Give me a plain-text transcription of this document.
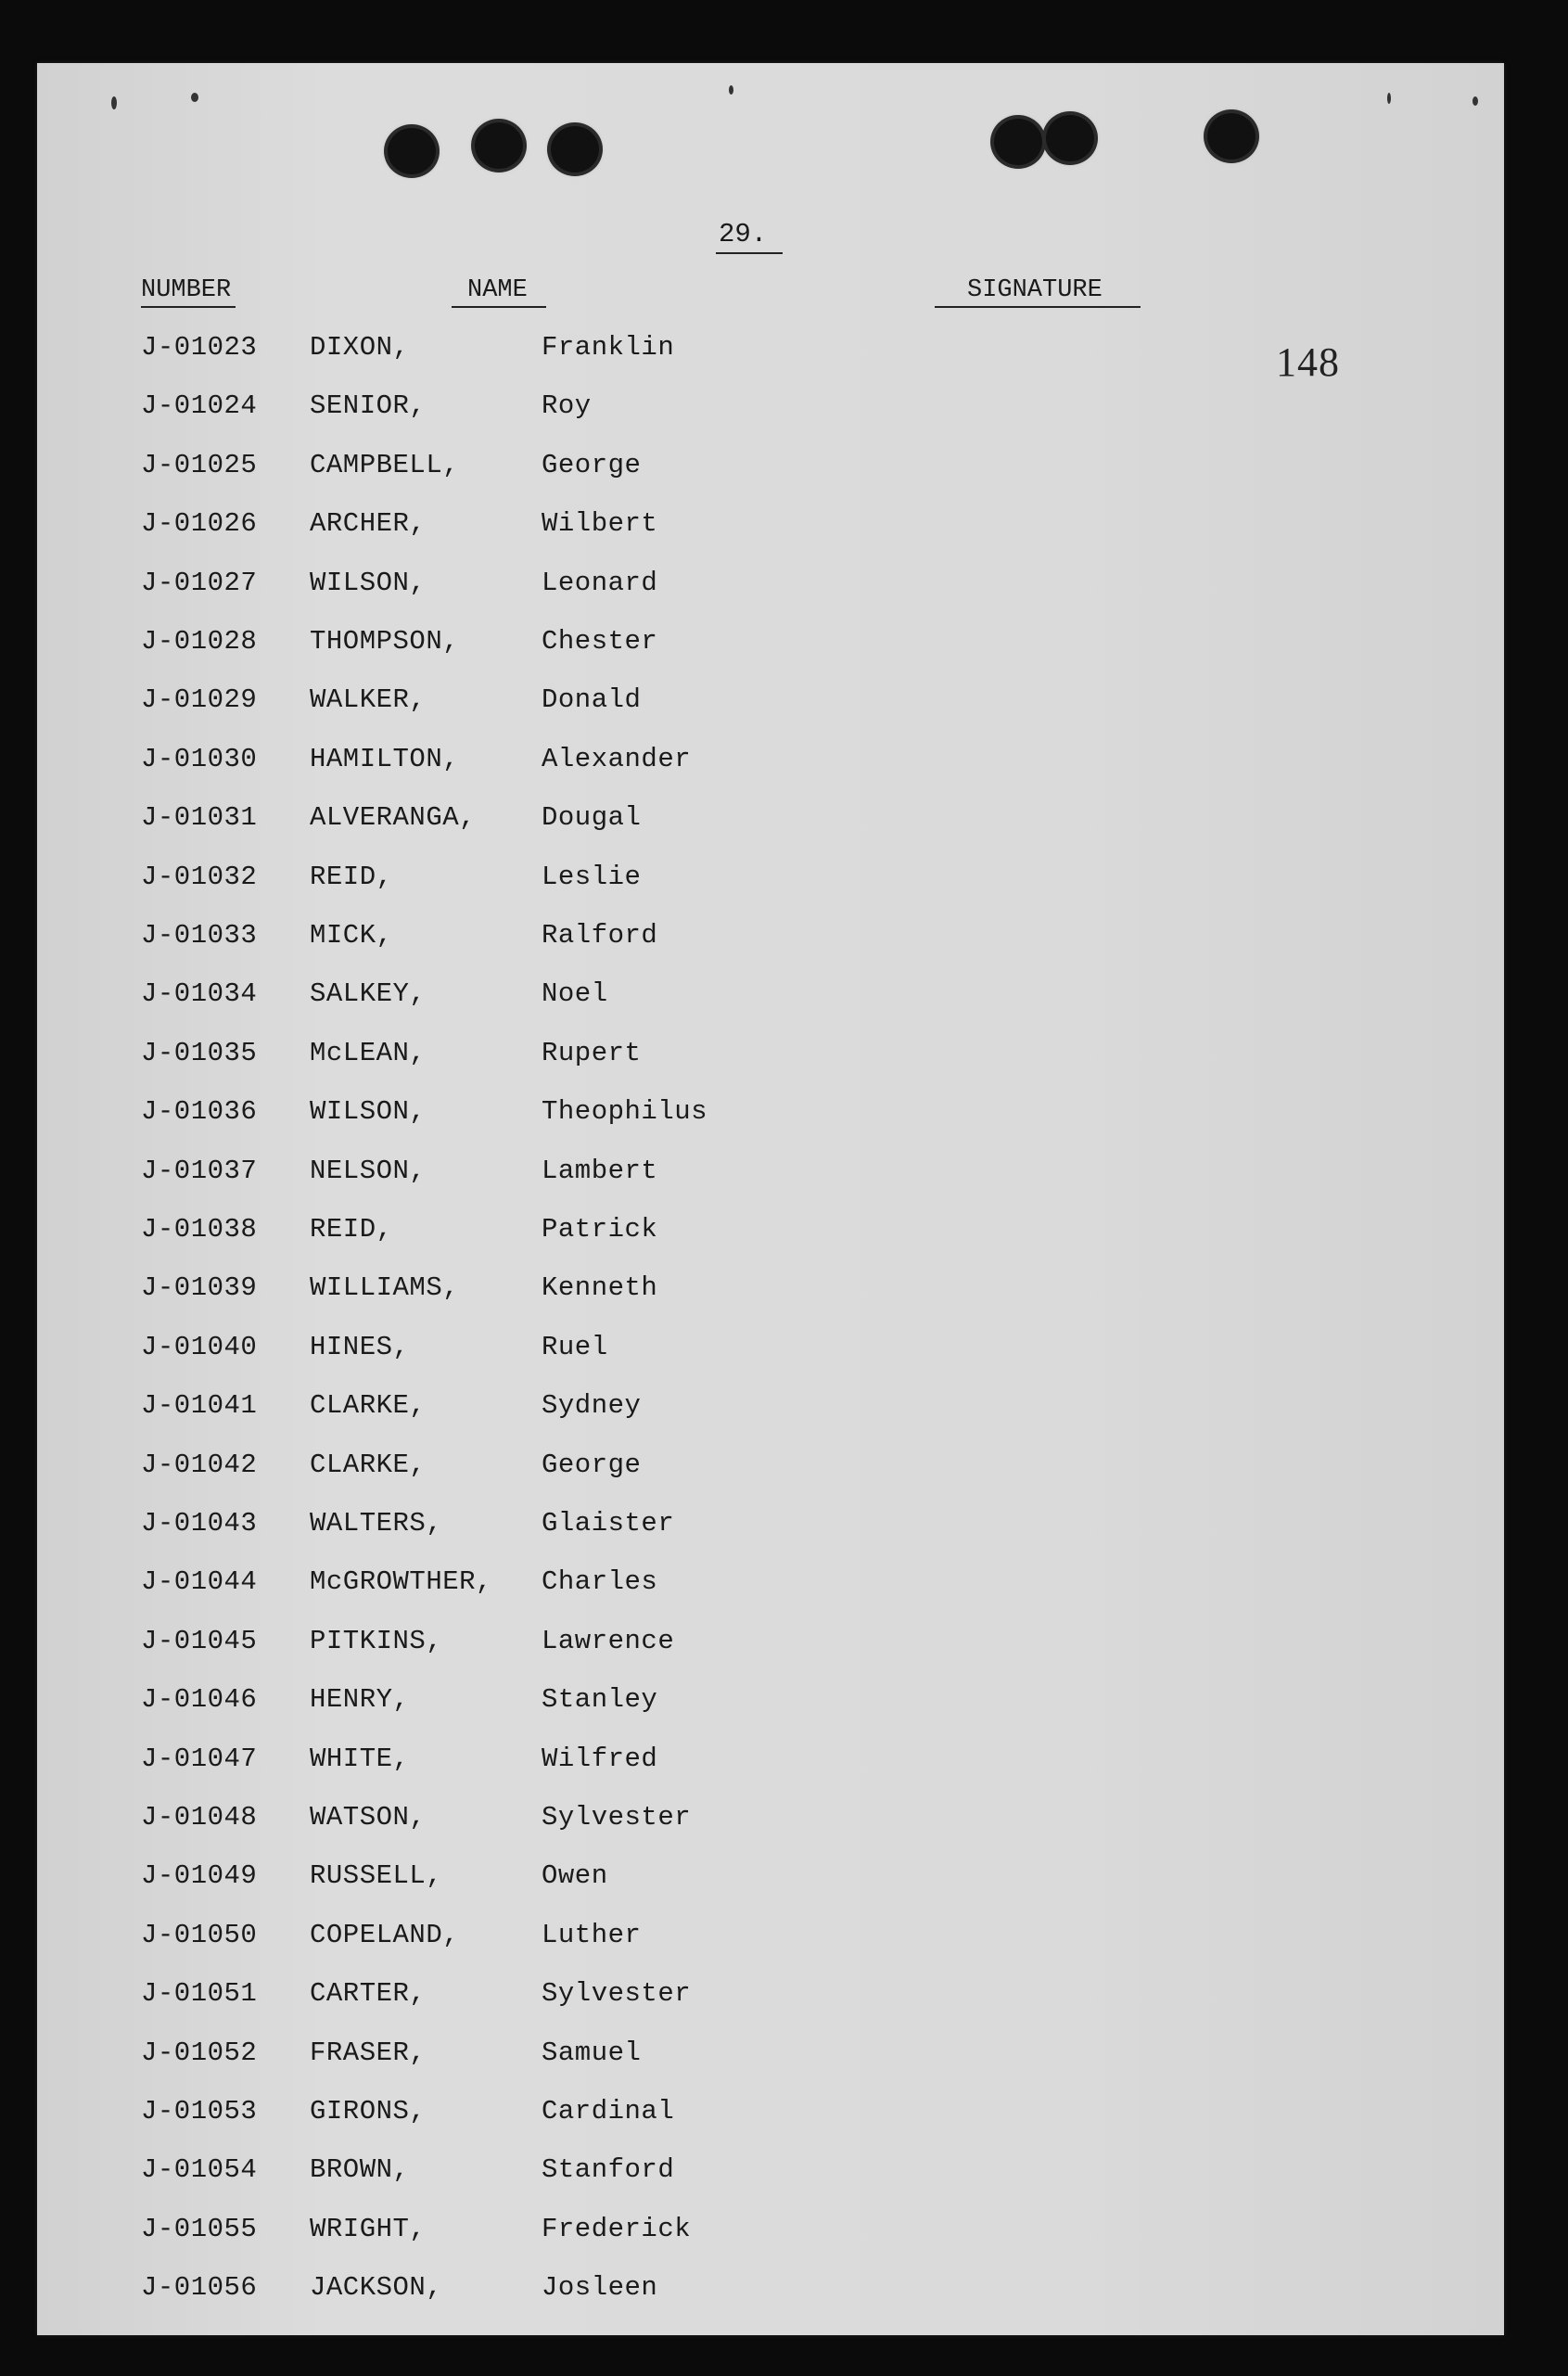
29.
NUMBER	NAME	SIGNATURE
148
J-01023 DIXON,	Franklin
J-01024 SENIOR,	Roy
J-01025 CAMPBELL,	George
J-01026 ARCHER,	Wilbert
J-01027 WILSON,	Leonard
J-01028 THOMPSON,	Chester
J-01029 WALKER,	Donald
J-01030 HAMILTON,	Alexander
J-01031 ALVERANGA, Dougal
J-01032 REID,	Leslie
J-01033 MICK,	Ralford
J-01034 SALKEY,	Noel
J-01035 McLEAN,	Rupert
J-01036 WILSON,	Theophilus
J-01037 NELSON,	Lambert
J-01038 REID,	Patrick
J-01039 WILLIAMS,	Kenneth
J-01040 HINES,	Ruel
J-01041 CLARKE,	Sydney
J-01042 CLARKE,	George
J-01043 WALTERS,	Glaister
J-01044 McGROWTHER, Charles
J-01045 PITKINS,	Lawrence
J-01046 HENRY,	Stanley
J-01047 WHITE,	Wilfred
J-01048 WATSON,	Sylvester
J-01049 RUSSELL,	Owen
J-01050 COPELAND,	Luther
J-01051 CARTER,	Sylvester
J-01052 FRASER,	Samuel
J-01053 GIRONS,	Cardinal
J-01054 BROWN,	Stanford
J-01055 WRIGHT,	Frederick
J-01056 JACKSON,	Josleen
